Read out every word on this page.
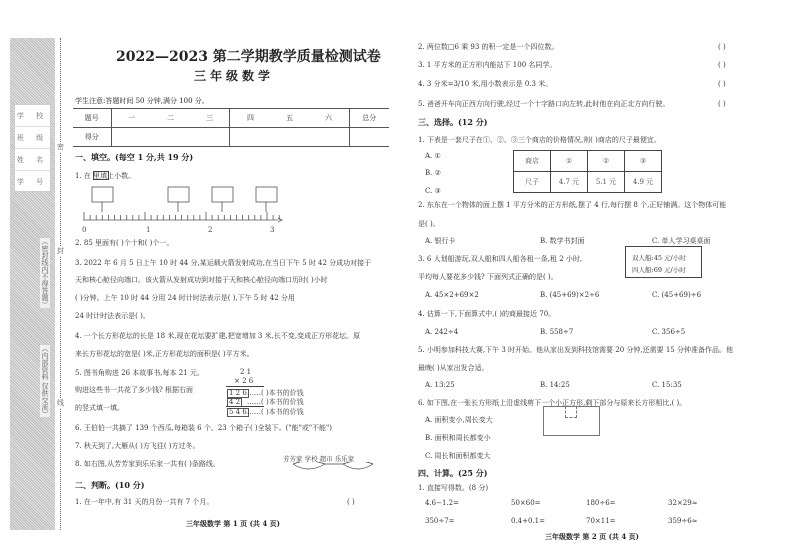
学 校
班 级
姓 名
学 号
（密封线内不得答题）
（内部资料 仅供交流）
密
封
线
2022—2023 第二学期教学质量检测试卷
三年级数学
学生注意:答题时间 50 分钟,满分 100 分。
题号	一	二	三	四	五	六	总分
得分							
一、填空。(每空 1 分,共 19 分)
1. 在 里填上小数。
0	1	2	3
2. 85 里面有( )个十和( )个一。
3. 2022 年 6 月 5 日上午 10 时 44 分,某运载火箭发射成功,在当日下午 5 时 42 分成功对接于
天和核心舱径向端口。该火箭从发射成功到对接于天和核心舱径向端口历时( )小时
( )分钟。上午 10 时 44 分用 24 时计时法表示是( ),下午 5 时 42 分用
24 时计时法表示是( )。
4. 一个长方形花坛的长是 18 米,现在花坛要扩建,把宽增加 3 米,长不变,变成正方形花坛。原
来长方形花坛的宽是( )米,正方形花坛的面积是( )平方米。
5. 图书角购进 26 本故事书,每本 21 元。
购进这些书一共花了多少钱? 根据右面
的竖式填一填。
2 1
× 2 6
1 2 6
4 2
5 4 6
……( )本书的价钱
……( )本书的价钱
……( )本书的价钱
6. 王伯伯一共摘了 139 个西瓜,每箱装 6 个。23 个箱子( )全装下。("能"或"不能")
7. 秋天到了,大雁从( )方飞往( )方过冬。
8. 如右图,从芳芳家到乐乐家一共有( )条路线。
芳芳家 学校 超市 乐乐家
二、判断。(10 分)
1. 在一年中,有 31 天的月份一共有 7 个月。	( )
三年级数学 第 1 页 (共 4 页)
2. 两位数□6 乘 93 的积一定是一个四位数。	( )
3. 1 平方米的正方形内能站下 100 名同学。	( )
4. 3 分米=3/10 米,用小数表示是 0.3 米。	( )
5. 爸爸开车向正西方向行驶,经过一个十字路口向左转,此时他在向正北方向行驶。	( )
三、选择。(12 分)
1. 下表是一套尺子在①、②、③三个商店的价格情况,则( )商店的尺子最便宜。
A. ①
B. ②
C. ③
商店	①	②	③
尺子	4.7 元	5.1 元	4.9 元
2. 东东在一个物体的面上摆 1 平方分米的正方形纸,摆了 4 行,每行摆 8 个,正好铺满。这个物体可能
是( )。
A. 银行卡	B. 数学书封面	C. 单人学习桌桌面
3. 6 人划船游玩,双人船和四人船各租一条,租 2 小时,
平均每人要花多少钱? 下面列式正确的是( )。
双人船:45 元/小时
四人船:69 元/小时
A. 45×2+69×2	B. (45+69)×2÷6	C. (45+69)÷6
4. 估算一下,下面算式中,( )的商最接近 70。
A. 242÷4	B. 558÷7	C. 356÷5
5. 小明参加科技大赛,下午 3 时开始。他从家出发到科技馆需要 20 分钟,还需要 15 分钟准备作品。他
最晚( )从家出发合适。
A. 13:25	B. 14:25	C. 15:35
6. 如下图,在一张长方形纸上沿虚线剪下一个小正方形,剩下部分与原来长方形相比,( )。
A. 面积变小,周长变大
B. 面积和周长都变小
C. 周长和面积都变大
四、计算。(25 分)
1. 直接写得数。(8 分)
4.6−1.2=	50×60=	180÷6=	32×29≈
350÷7=	0.4+0.1=	70×11=	359÷6≈
三年级数学 第 2 页 (共 4 页)
